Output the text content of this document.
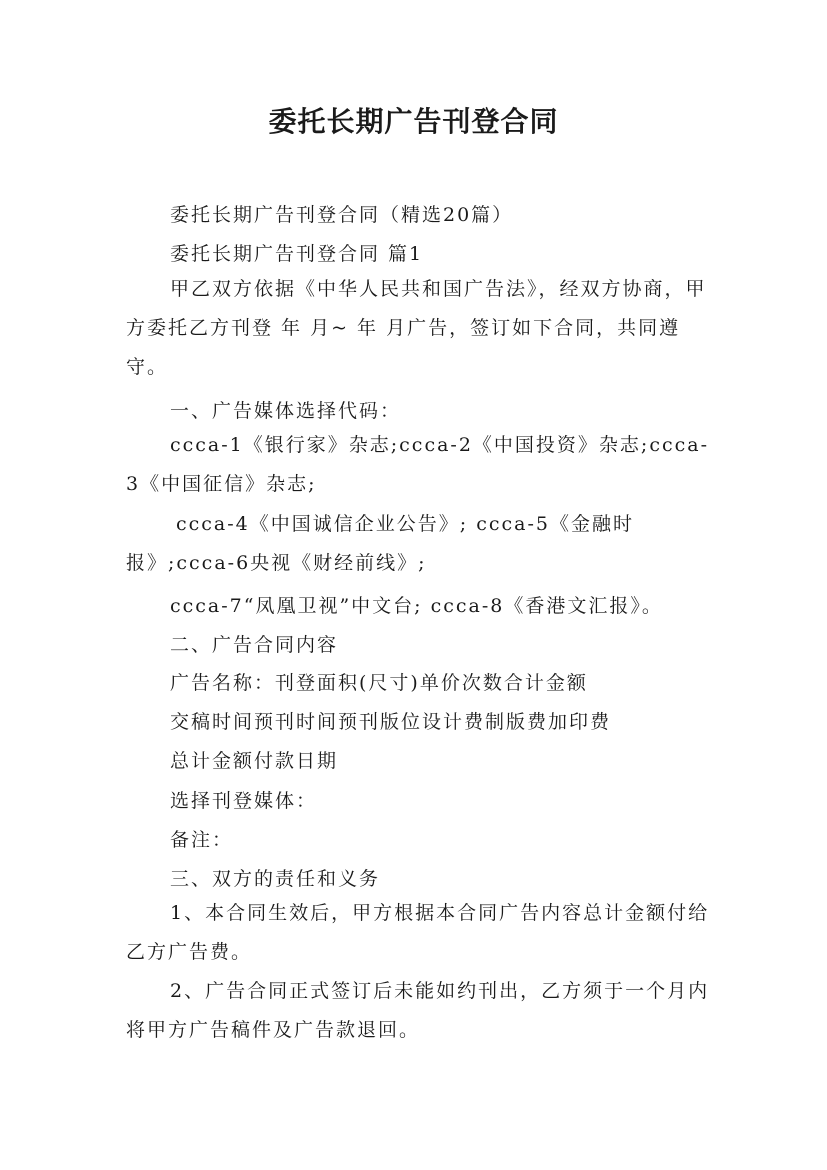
委托长期广告刊登合同

委托长期广告刊登合同（精选20篇）

委托长期广告刊登合同 篇1

甲乙双方依据《中华人民共和国广告法》，经双方协商，甲方委托乙方刊登 年 月~ 年 月广告，签订如下合同，共同遵守。

一、广告媒体选择代码：

ccca-1《银行家》杂志;ccca-2《中国投资》杂志;ccca-3《中国征信》杂志;

ccca-4《中国诚信企业公告》; ccca-5《金融时报》;ccca-6央视《财经前线》;

ccca-7“凤凰卫视”中文台; ccca-8《香港文汇报》。

二、广告合同内容

广告名称：刊登面积(尺寸)单价次数合计金额

交稿时间预刊时间预刊版位设计费制版费加印费

总计金额付款日期

选择刊登媒体：

备注：

三、双方的责任和义务

1、本合同生效后，甲方根据本合同广告内容总计金额付给乙方广告费。

2、广告合同正式签订后未能如约刊出，乙方须于一个月内将甲方广告稿件及广告款退回。
